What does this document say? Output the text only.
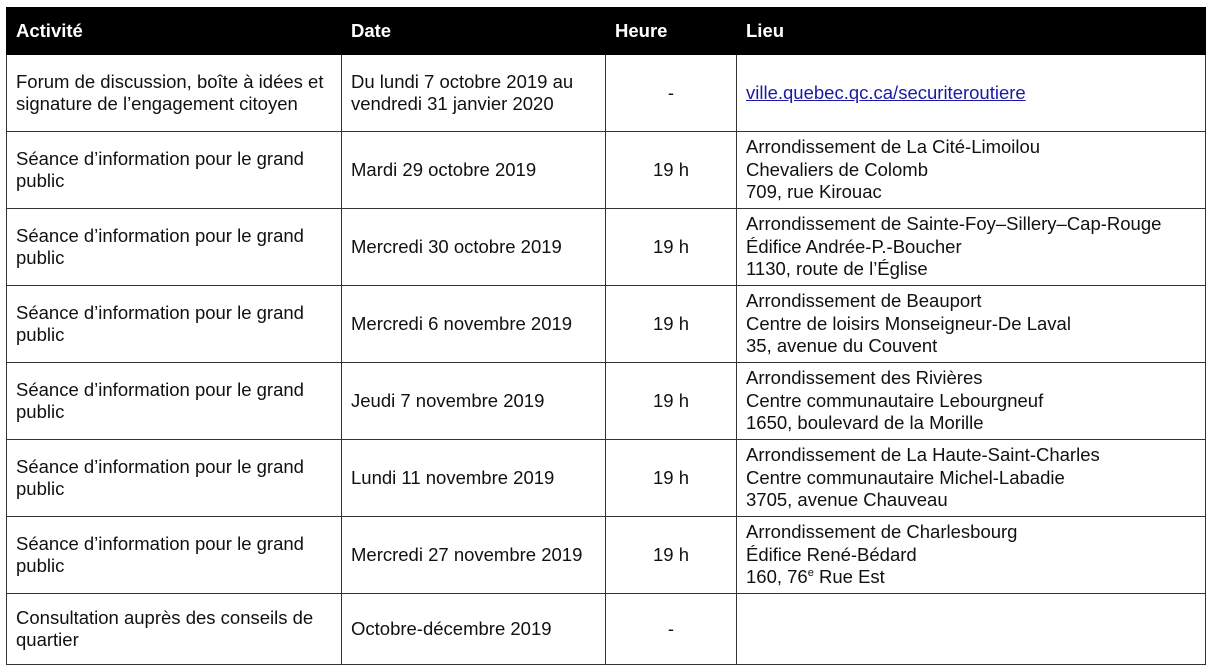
Activité	Date	Heure	Lieu
Forum de discussion, boîte à idées et signature de l’engagement citoyen	Du lundi 7 octobre 2019 au vendredi 31 janvier 2020	-	ville.quebec.qc.ca/securiteroutiere
Séance d’information pour le grand public	Mardi 29 octobre 2019	19 h	Arrondissement de La Cité-Limoilou
Chevaliers de Colomb
709, rue Kirouac

Séance d’information pour le grand public	Mercredi 30 octobre 2019	19 h	Arrondissement de Sainte-Foy–Sillery–Cap-Rouge
Édifice Andrée-P.-Boucher
1130, route de l’Église

Séance d’information pour le grand public	Mercredi 6 novembre 2019	19 h	Arrondissement de Beauport
Centre de loisirs Monseigneur-De Laval
35, avenue du Couvent

Séance d’information pour le grand public	Jeudi 7 novembre 2019	19 h	Arrondissement des Rivières
Centre communautaire Lebourgneuf
1650, boulevard de la Morille

Séance d’information pour le grand public	Lundi 11 novembre 2019	19 h	Arrondissement de La Haute-Saint-Charles
Centre communautaire Michel-Labadie
3705, avenue Chauveau

Séance d’information pour le grand public	Mercredi 27 novembre 2019	19 h	Arrondissement de Charlesbourg
Édifice René-Bédard
160, 76e Rue Est

Consultation auprès des conseils de quartier	Octobre-décembre 2019	-	
